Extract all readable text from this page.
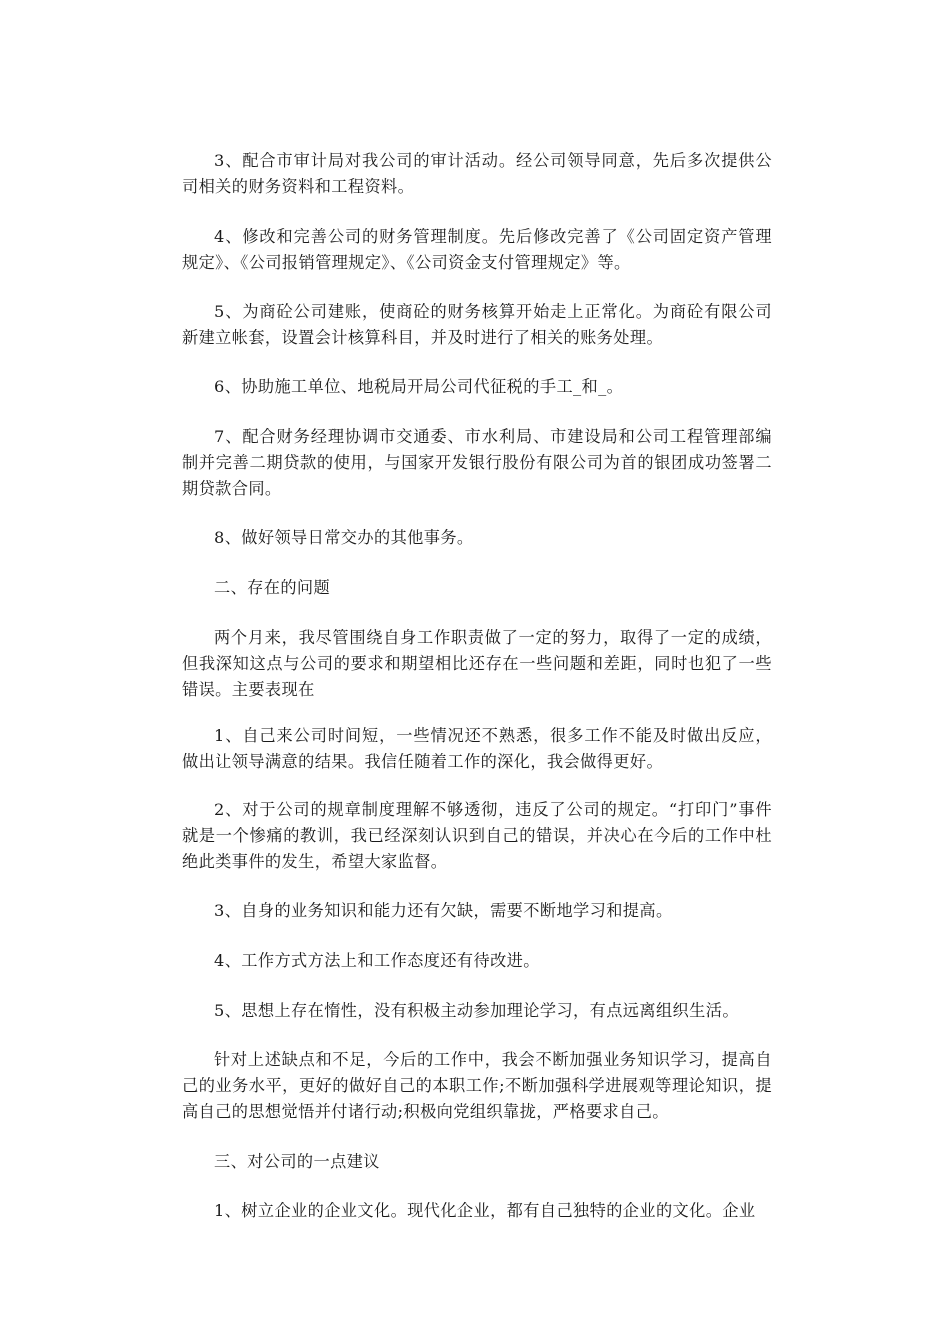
3、配合市审计局对我公司的审计活动。经公司领导同意，先后多次提供公司相关的财务资料和工程资料。

4、修改和完善公司的财务管理制度。先后修改完善了《公司固定资产管理规定》、《公司报销管理规定》、《公司资金支付管理规定》等。

5、为商砼公司建账，使商砼的财务核算开始走上正常化。为商砼有限公司新建立帐套，设置会计核算科目，并及时进行了相关的账务处理。

6、协助施工单位、地税局开局公司代征税的手工_和_。

7、配合财务经理协调市交通委、市水利局、市建设局和公司工程管理部编制并完善二期贷款的使用，与国家开发银行股份有限公司为首的银团成功签署二期贷款合同。

8、做好领导日常交办的其他事务。

二、存在的问题

两个月来，我尽管围绕自身工作职责做了一定的努力，取得了一定的成绩，但我深知这点与公司的要求和期望相比还存在一些问题和差距，同时也犯了一些错误。主要表现在

1、自己来公司时间短，一些情况还不熟悉，很多工作不能及时做出反应，做出让领导满意的结果。我信任随着工作的深化，我会做得更好。

2、对于公司的规章制度理解不够透彻，违反了公司的规定。“打印门”事件就是一个惨痛的教训，我已经深刻认识到自己的错误，并决心在今后的工作中杜绝此类事件的发生，希望大家监督。

3、自身的业务知识和能力还有欠缺，需要不断地学习和提高。

4、工作方式方法上和工作态度还有待改进。

5、思想上存在惰性，没有积极主动参加理论学习，有点远离组织生活。

针对上述缺点和不足，今后的工作中，我会不断加强业务知识学习，提高自己的业务水平，更好的做好自己的本职工作;不断加强科学进展观等理论知识，提高自己的思想觉悟并付诸行动;积极向党组织靠拢，严格要求自己。

三、对公司的一点建议

1、树立企业的企业文化。现代化企业，都有自己独特的企业的文化。企业
